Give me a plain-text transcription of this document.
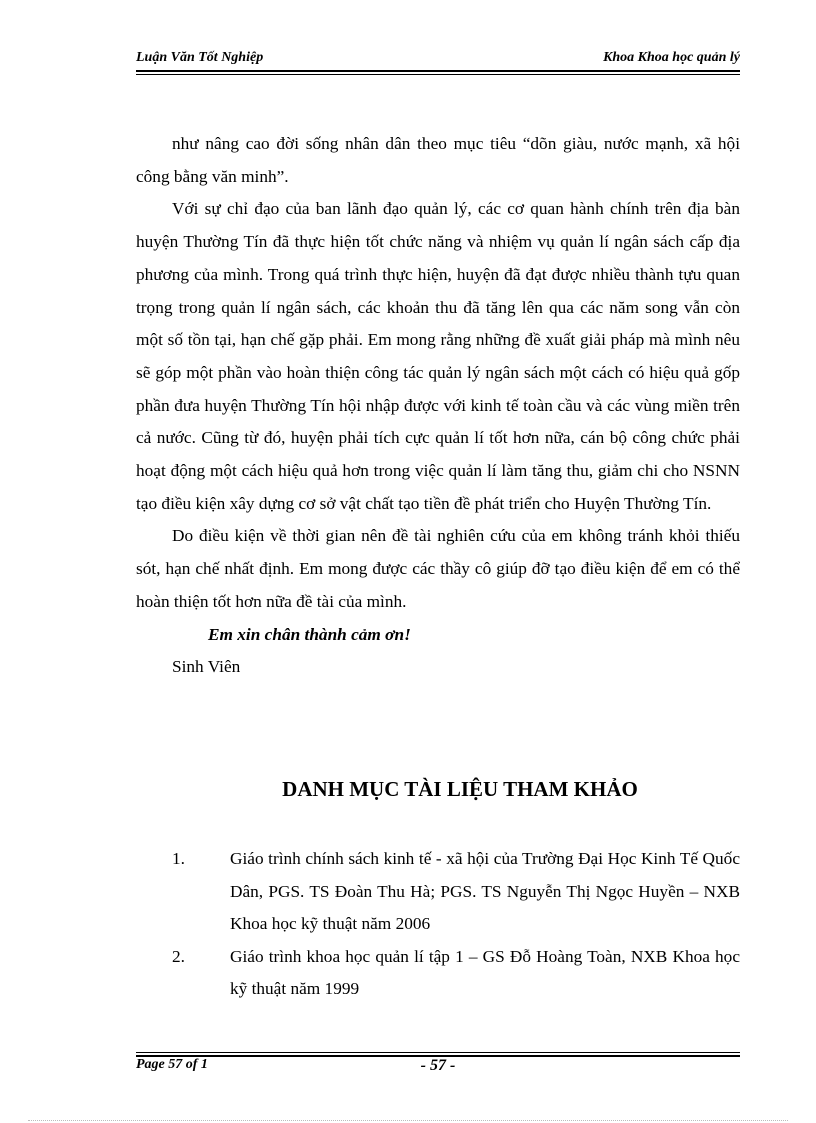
Luận Văn Tốt Nghiệp	Khoa Khoa học quản lý

như nâng cao đời sống nhân dân theo mục tiêu “dõn giàu, nước mạnh, xã hội công bằng văn minh”.

Với sự chỉ đạo của ban lãnh đạo quản lý, các cơ quan hành chính trên địa bàn huyện Thường Tín đã thực hiện tốt chức năng và nhiệm vụ quản lí ngân sách cấp địa phương của mình. Trong quá trình thực hiện, huyện đã đạt được nhiều thành tựu quan trọng trong quản lí ngân sách, các khoản thu đã tăng lên qua các năm song vẫn còn một số tồn tại, hạn chế gặp phải. Em mong rằng những đề xuất giải pháp mà mình nêu sẽ góp một phần vào hoàn thiện công tác quản lý ngân sách một cách có hiệu quả gốp phần đưa huyện Thường Tín hội nhập được với kinh tế toàn cầu và các vùng miền trên cả nước. Cũng từ đó, huyện phải tích cực quản lí tốt hơn nữa, cán bộ công chức phải hoạt động một cách hiệu quả hơn trong việc quản lí làm tăng thu, giảm chi cho NSNN tạo điều kiện xây dựng cơ sở vật chất tạo tiền đề phát triển cho Huyện Thường Tín.

Do điều kiện về thời gian nên đề tài nghiên cứu của em không tránh khỏi thiếu sót, hạn chế nhất định. Em mong được các thầy cô giúp đỡ tạo điều kiện để em có thể hoàn thiện tốt hơn nữa đề tài của mình.

Em xin chân thành cảm ơn!

Sinh Viên

DANH MỤC TÀI LIỆU THAM KHẢO
1.	Giáo trình chính sách kinh tế - xã hội của Trường Đại Học Kinh Tế Quốc Dân, PGS. TS Đoàn Thu Hà; PGS. TS Nguyễn Thị Ngọc Huyền – NXB Khoa học kỹ thuật năm 2006
2.	Giáo trình khoa học quản lí tập 1 – GS Đỗ Hoàng Toàn, NXB Khoa học kỹ thuật năm 1999
Page 57 of 1	- 57 -
